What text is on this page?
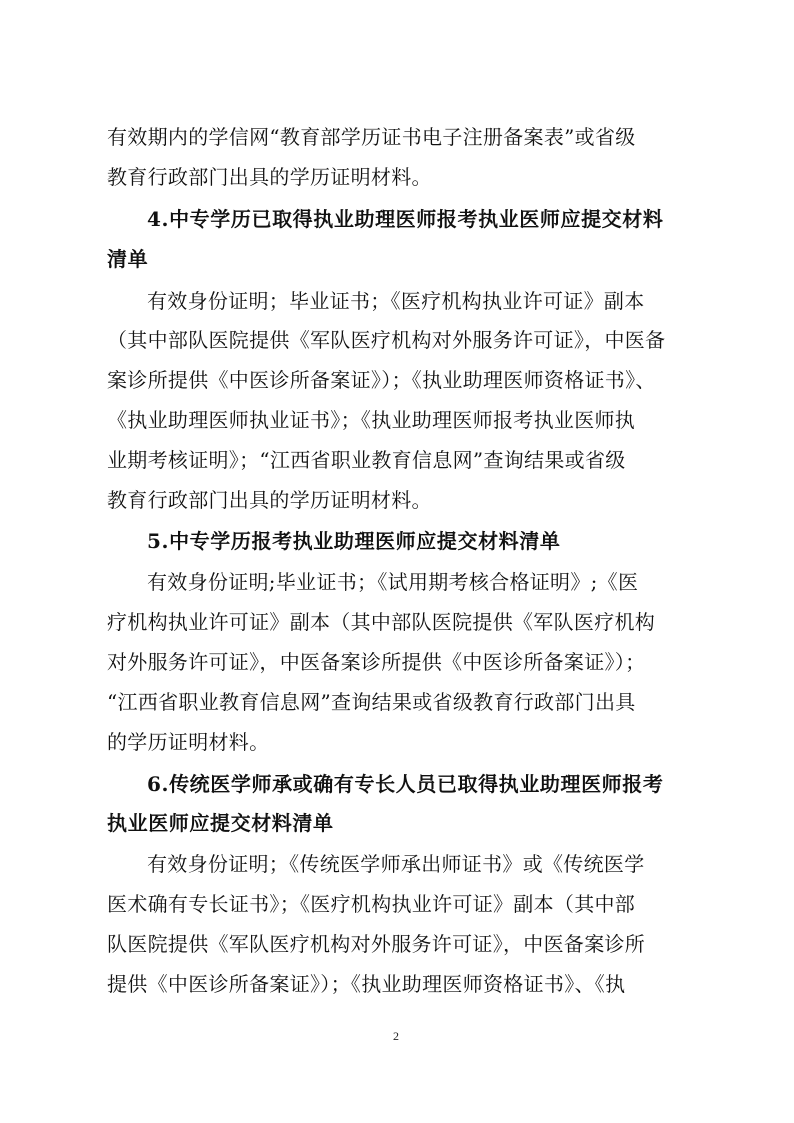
有效期内的学信网“教育部学历证书电子注册备案表”或省级
教育行政部门出具的学历证明材料。
4.中专学历已取得执业助理医师报考执业医师应提交材料
清单
有效身份证明；毕业证书；《医疗机构执业许可证》副本
（其中部队医院提供《军队医疗机构对外服务许可证》，中医备
案诊所提供《中医诊所备案证》）；《执业助理医师资格证书》、
《执业助理医师执业证书》；《执业助理医师报考执业医师执
业期考核证明》；“江西省职业教育信息网”查询结果或省级
教育行政部门出具的学历证明材料。
5.中专学历报考执业助理医师应提交材料清单
有效身份证明;毕业证书；《试用期考核合格证明》;《医
疗机构执业许可证》副本（其中部队医院提供《军队医疗机构
对外服务许可证》，中医备案诊所提供《中医诊所备案证》）；
“江西省职业教育信息网”查询结果或省级教育行政部门出具
的学历证明材料。
6.传统医学师承或确有专长人员已取得执业助理医师报考
执业医师应提交材料清单
有效身份证明；《传统医学师承出师证书》或《传统医学
医术确有专长证书》；《医疗机构执业许可证》副本（其中部
队医院提供《军队医疗机构对外服务许可证》，中医备案诊所
提供《中医诊所备案证》）；《执业助理医师资格证书》、《执
2
